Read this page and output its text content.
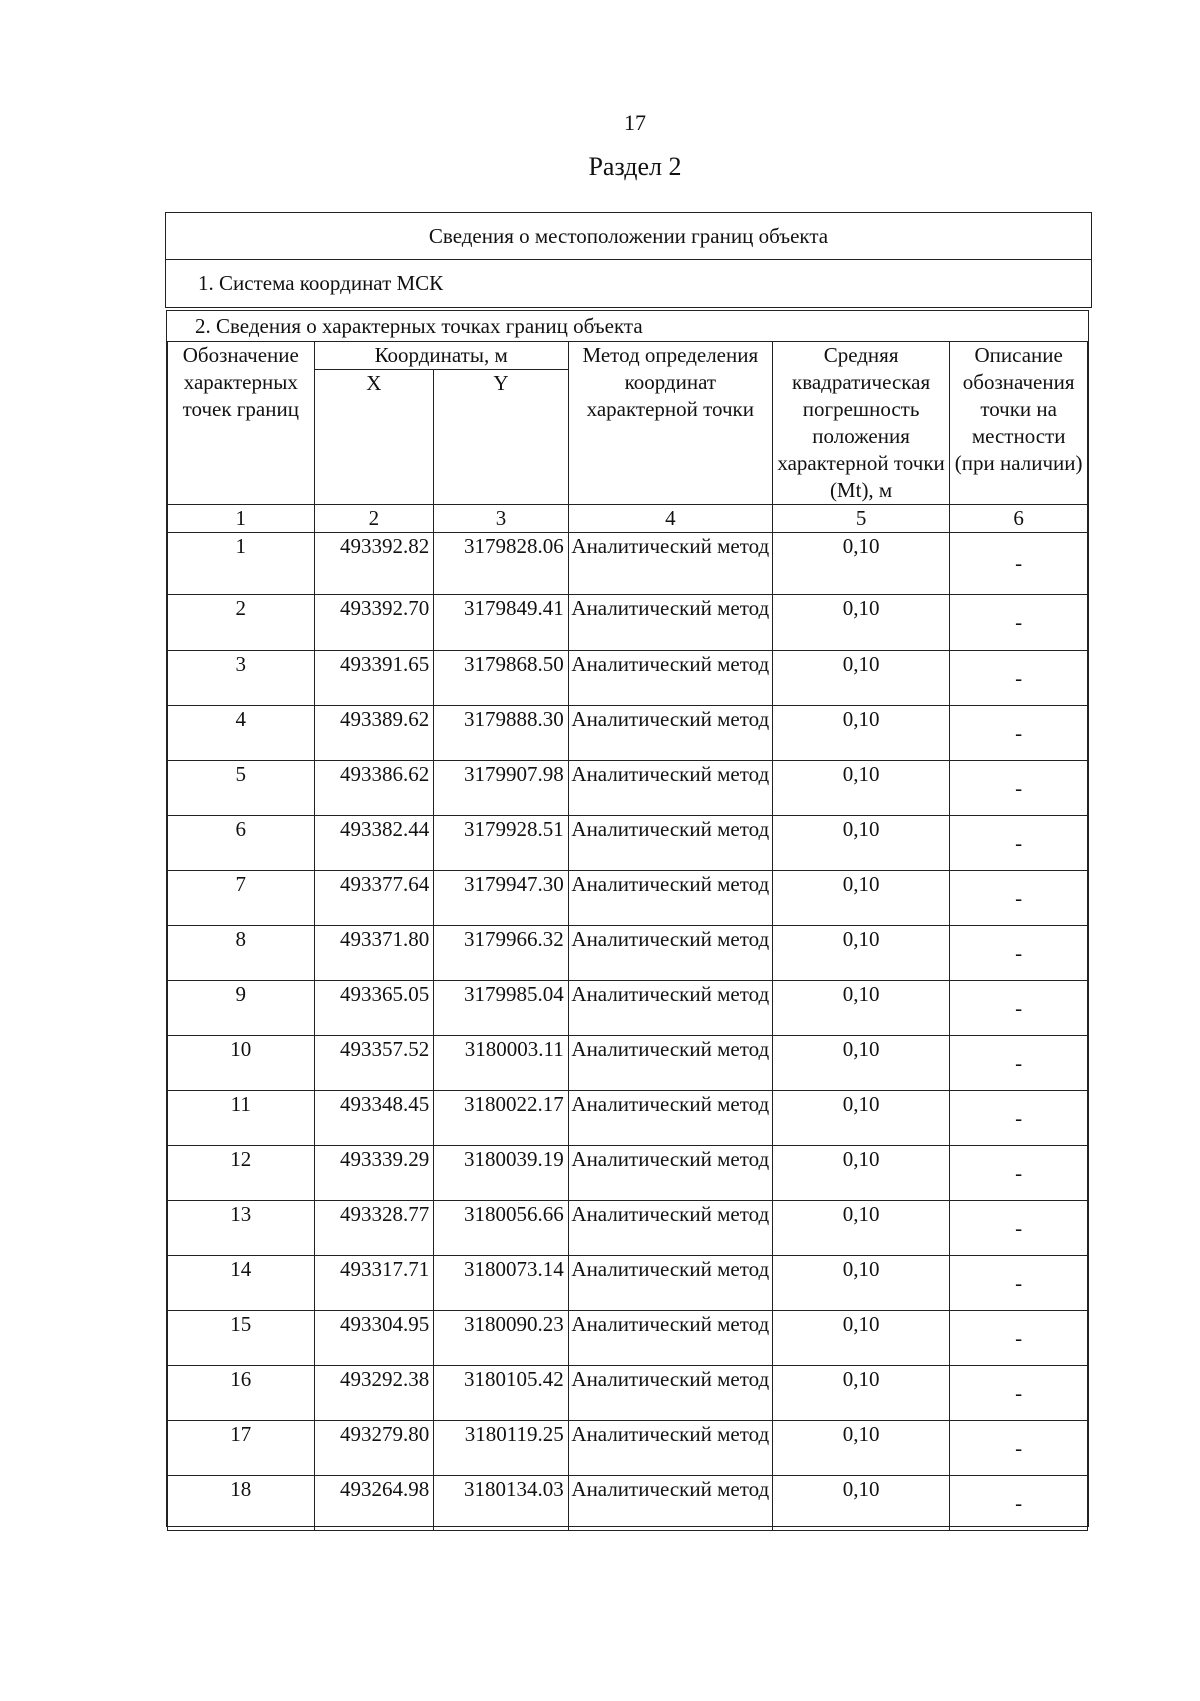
17
Раздел 2
Сведения о местоположении границ объекта
1. Система координат МСК
2. Сведения о характерных точках границ объекта
Обозначение характерных точек границ	Координаты, м		Метод определения координат характерной точки	Средняя квадратическая погрешность положения характерной точки (Mt), м	Описание обозначения точки на местности (при наличии)
	X	Y			
1	2	3	4	5	6
1	493392.82	3179828.06	Аналитический метод	0,10	-
2	493392.70	3179849.41	Аналитический метод	0,10	-
3	493391.65	3179868.50	Аналитический метод	0,10	-
4	493389.62	3179888.30	Аналитический метод	0,10	-
5	493386.62	3179907.98	Аналитический метод	0,10	-
6	493382.44	3179928.51	Аналитический метод	0,10	-
7	493377.64	3179947.30	Аналитический метод	0,10	-
8	493371.80	3179966.32	Аналитический метод	0,10	-
9	493365.05	3179985.04	Аналитический метод	0,10	-
10	493357.52	3180003.11	Аналитический метод	0,10	-
11	493348.45	3180022.17	Аналитический метод	0,10	-
12	493339.29	3180039.19	Аналитический метод	0,10	-
13	493328.77	3180056.66	Аналитический метод	0,10	-
14	493317.71	3180073.14	Аналитический метод	0,10	-
15	493304.95	3180090.23	Аналитический метод	0,10	-
16	493292.38	3180105.42	Аналитический метод	0,10	-
17	493279.80	3180119.25	Аналитический метод	0,10	-
18	493264.98	3180134.03	Аналитический метод	0,10	-
